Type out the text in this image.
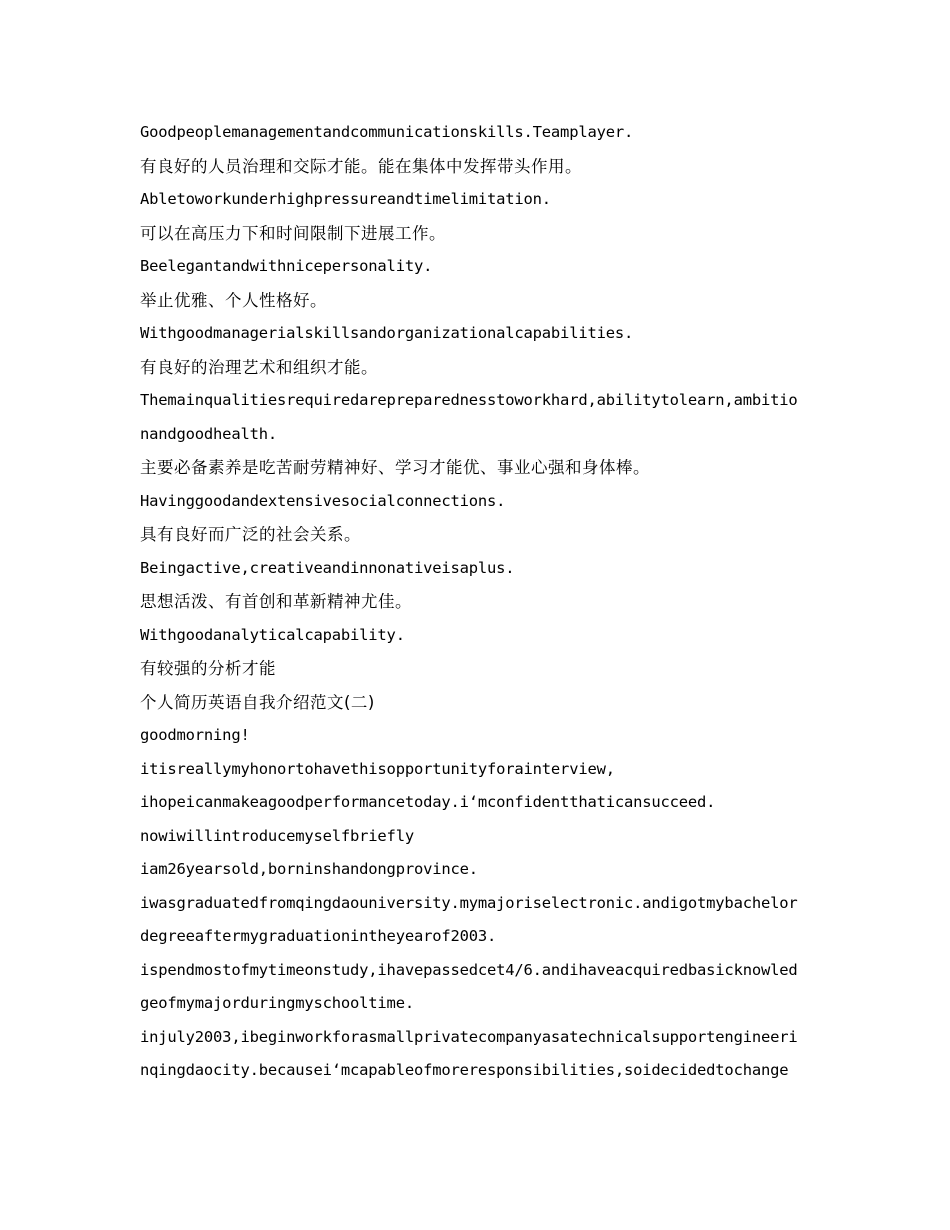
Goodpeoplemanagementandcommunicationskills.Teamplayer.
有良好的人员治理和交际才能。能在集体中发挥带头作用。
Abletoworkunderhighpressureandtimelimitation.
可以在高压力下和时间限制下进展工作。
Beelegantandwithnicepersonality.
举止优雅、个人性格好。
Withgoodmanagerialskillsandorganizationalcapabilities.
有良好的治理艺术和组织才能。
Themainqualitiesrequiredarepreparednesstoworkhard,abilitytolearn,ambitio
nandgoodhealth.
主要必备素养是吃苦耐劳精神好、学习才能优、事业心强和身体棒。
Havinggoodandextensivesocialconnections.
具有良好而广泛的社会关系。
Beingactive,creativeandinnonativeisaplus.
思想活泼、有首创和革新精神尤佳。
Withgoodanalyticalcapability.
有较强的分析才能
个人简历英语自我介绍范文(二)
goodmorning!
itisreallymyhonortohavethisopportunityforainterview,
ihopeicanmakeagoodperformancetoday.i‘mconfidentthaticansucceed.
nowiwillintroducemyselfbriefly
iam26yearsold,borninshandongprovince.
iwasgraduatedfromqingdaouniversity.mymajoriselectronic.andigotmybachelor
degreeaftermygraduationintheyearof2003.
ispendmostofmytimeonstudy,ihavepassedcet4/6.andihaveacquiredbasicknowled
geofmymajorduringmyschooltime.
injuly2003,ibeginworkforasmallprivatecompanyasatechnicalsupportengineeri
nqingdaocity.becausei‘mcapableofmoreresponsibilities,soidecidedtochange
